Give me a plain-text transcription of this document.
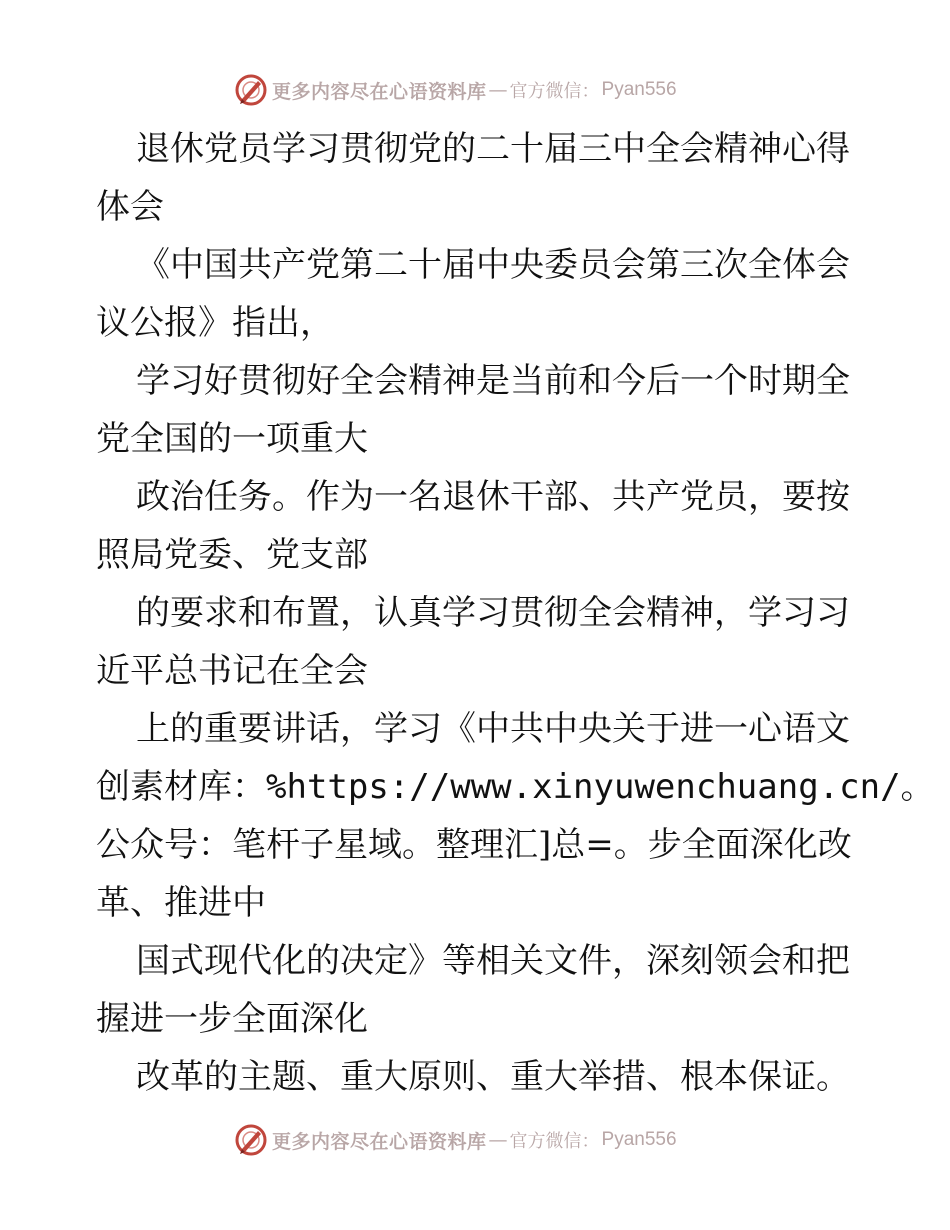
更多内容尽在心语资料库 — 官方微信： Pyan556
退休党员学习贯彻党的二十届三中全会精神心得
体会
《中国共产党第二十届中央委员会第三次全体会
议公报》指出，
学习好贯彻好全会精神是当前和今后一个时期全
党全国的一项重大
政治任务。作为一名退休干部、共产党员，要按
照局党委、党支部
的要求和布置，认真学习贯彻全会精神，学习习
近平总书记在全会
上的重要讲话，学习《中共中央关于进一心语文
创素材库：%https://www.xinyuwenchuang.cn/。
公众号：笔杆子星域。整理汇]总=。步全面深化改
革、推进中
国式现代化的决定》等相关文件，深刻领会和把
握进一步全面深化
改革的主题、重大原则、重大举措、根本保证。
更多内容尽在心语资料库 — 官方微信： Pyan556
